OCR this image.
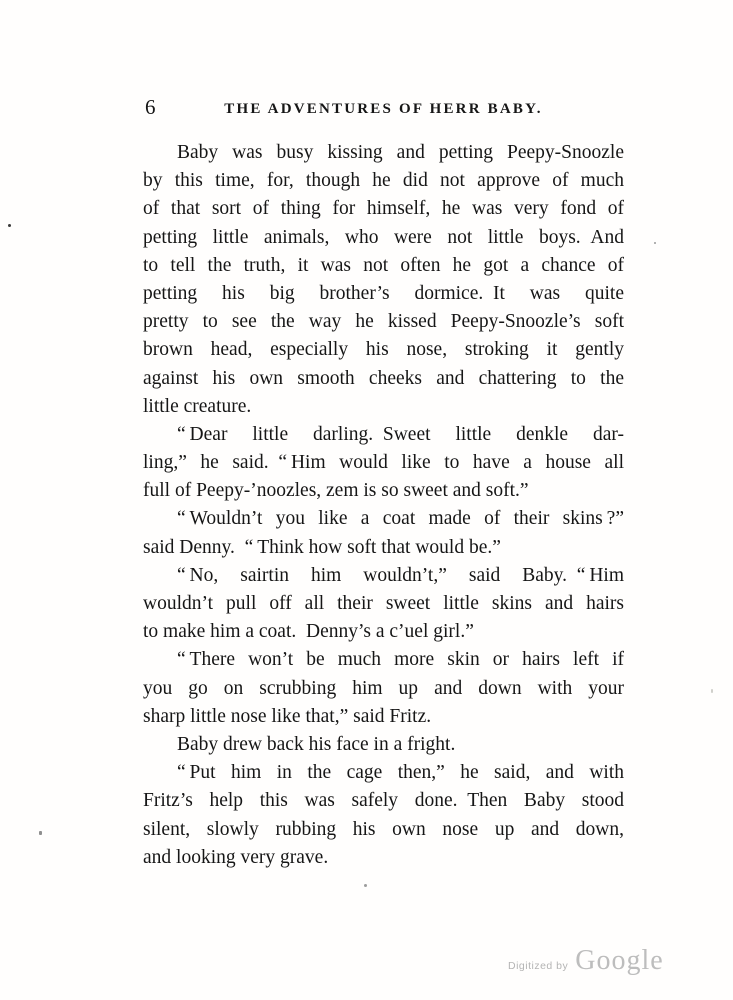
6	THE ADVENTURES OF HERR BABY.
Baby was busy kissing and petting Peepy-Snoozle
by this time, for, though he did not approve of much
of that sort of thing for himself, he was very fond of
petting little animals, who were not little boys. And
to tell the truth, it was not often he got a chance of
petting his big brother’s dormice. It was quite
pretty to see the way he kissed Peepy-Snoozle’s soft
brown head, especially his nose, stroking it gently
against his own smooth cheeks and chattering to the
little creature.
“ Dear little darling. Sweet little denkle dar-
ling,” he said. “ Him would like to have a house all
full of Peepy-’noozles, zem is so sweet and soft.”
“ Wouldn’t you like a coat made of their skins ?”
said Denny. “ Think how soft that would be.”
“ No, sairtin him wouldn’t,” said Baby. “ Him
wouldn’t pull off all their sweet little skins and hairs
to make him a coat. Denny’s a c’uel girl.”
“ There won’t be much more skin or hairs left if
you go on scrubbing him up and down with your
sharp little nose like that,” said Fritz.
Baby drew back his face in a fright.
“ Put him in the cage then,” he said, and with
Fritz’s help this was safely done. Then Baby stood
silent, slowly rubbing his own nose up and down,
and looking very grave.
Digitized by Google
